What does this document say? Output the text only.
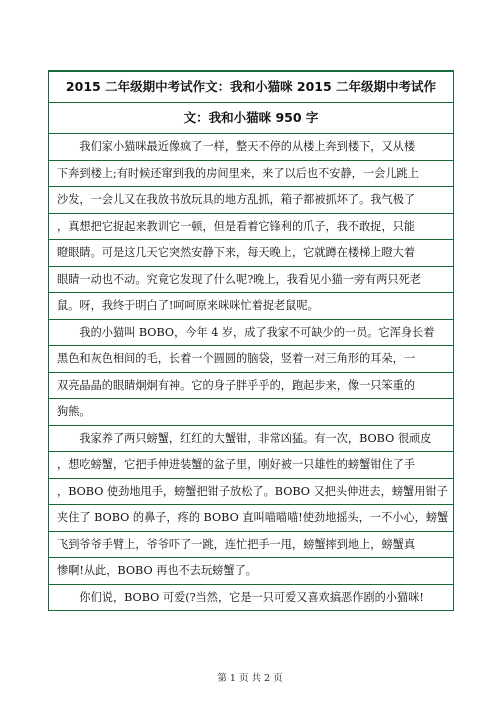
2015 二年级期中考试作文：我和小猫咪 2015 二年级期中考试作
文：我和小猫咪 950 字
　　我们家小猫咪最近像疯了一样，整天不停的从楼上奔到楼下，又从楼
下奔到楼上;有时候还窜到我的房间里来，来了以后也不安静，一会儿跳上
沙发，一会儿又在我放书放玩具的地方乱抓，箱子都被抓坏了。我气极了
，真想把它捉起来教训它一顿，但是看着它锋利的爪子，我不敢捉，只能
瞪眼睛。可是这几天它突然安静下来，每天晚上，它就蹲在楼梯上瞪大着
眼睛一动也不动。究竟它发现了什么呢?晚上，我看见小猫一旁有两只死老
鼠。呀，我终于明白了!呵呵原来咪咪忙着捉老鼠呢。
　　我的小猫叫 BOBO，今年 4 岁，成了我家不可缺少的一员。它浑身长着
黑色和灰色相间的毛，长着一个圆圆的脑袋，竖着一对三角形的耳朵，一
双亮晶晶的眼睛炯炯有神。它的身子胖乎乎的，跑起步来，像一只笨重的
狗熊。
　　我家养了两只螃蟹，红红的大蟹钳，非常凶猛。有一次，BOBO 很顽皮
，想吃螃蟹，它把手伸进装蟹的盆子里，刚好被一只雄性的螃蟹钳住了手
，BOBO 使劲地甩手，螃蟹把钳子放松了。BOBO 又把头伸进去，螃蟹用钳子
夹住了 BOBO 的鼻子，疼的 BOBO 直叫喵喵喵!使劲地摇头，一不小心，螃蟹
飞到爷爷手臂上，爷爷吓了一跳，连忙把手一甩，螃蟹摔到地上，螃蟹真
惨啊!从此，BOBO 再也不去玩螃蟹了。
　　你们说，BOBO 可爱(?当然，它是一只可爱又喜欢搞恶作剧的小猫咪!
第 1 页 共 2 页
